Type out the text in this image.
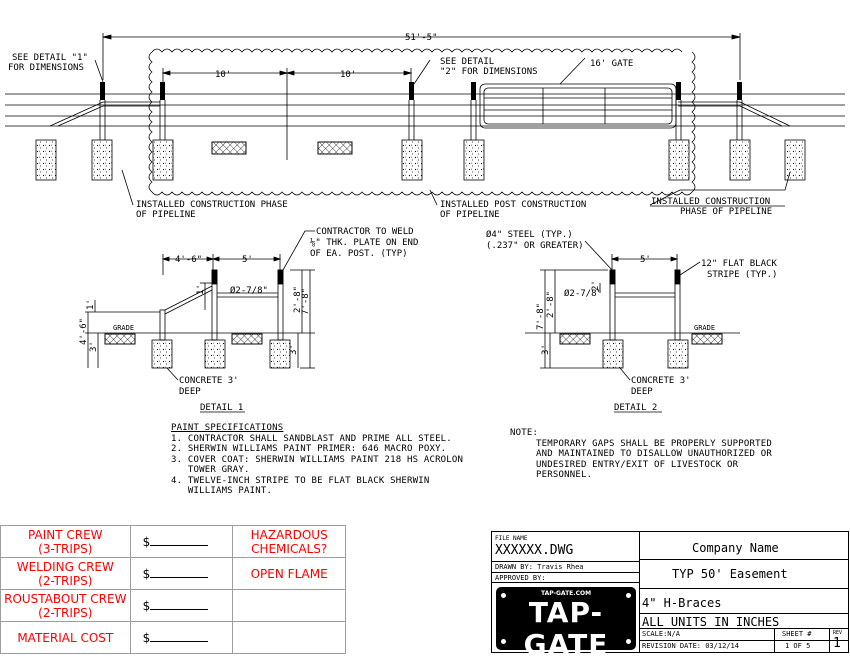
51'-5"
10'	10'
16' GATE
SEE DETAIL "1"
FOR DIMENSIONS
SEE DETAIL
"2" FOR DIMENSIONS
INSTALLED CONSTRUCTION PHASE
OF PIPELINE
INSTALLED POST CONSTRUCTION
OF PIPELINE
INSTALLED CONSTRUCTION
PHASE OF PIPELINE
4'-6"	5'
1'
1'
4'-6"
3'
2'-8"
7'-8"
3'
Ø2-7/8"
GRADE
CONTRACTOR TO WELD
⅛" THK. PLATE ON END
OF EA. POST. (TYP)
CONCRETE 3'
DEEP
DETAIL 1
Ø4" STEEL (TYP.)
(.237" OR GREATER)
5'	12" FLAT BLACK
STRIPE (TYP.)
2'
7'-8" 2'-8"
3'
Ø2-7/8"
GRADE
CONCRETE 3'
DEEP
DETAIL 2
PAINT SPECIFICATIONS
1. CONTRACTOR SHALL SANDBLAST AND PRIME ALL STEEL.
2. SHERWIN WILLIAMS PAINT PRIMER: 646 MACRO POXY.
3. COVER COAT: SHERWIN WILLIAMS PAINT 218 HS ACROLON
TOWER GRAY.
4. TWELVE-INCH STRIPE TO BE FLAT BLACK SHERWIN
WILLIAMS PAINT.
NOTE:
TEMPORARY GAPS SHALL BE PROPERLY SUPPORTED
AND MAINTAINED TO DISALLOW UNAUTHORIZED OR
UNDESIRED ENTRY/EXIT OF LIVESTOCK OR
PERSONNEL.
PAINT CREW
(3-TRIPS)	$	HAZARDOUS
CHEMICALS?
WELDING CREW
(2-TRIPS)	$	OPEN FLAME
ROUSTABOUT CREW
(2-TRIPS)	$	
MATERIAL COST	$	
FILE NAME
XXXXXX.DWG	Company Name
DRAWN BY: Travis Rhea
APPROVED BY:	TYP 50' Easement
4" H-Braces
ALL UNITS IN INCHES
SCALE:N/A
REVISION DATE: 03/12/14
SHEET #
1 OF 5
REV
1
TAP-GATE.COM
TAP-GATE
SAFE - EFFICIENT - SECURE
